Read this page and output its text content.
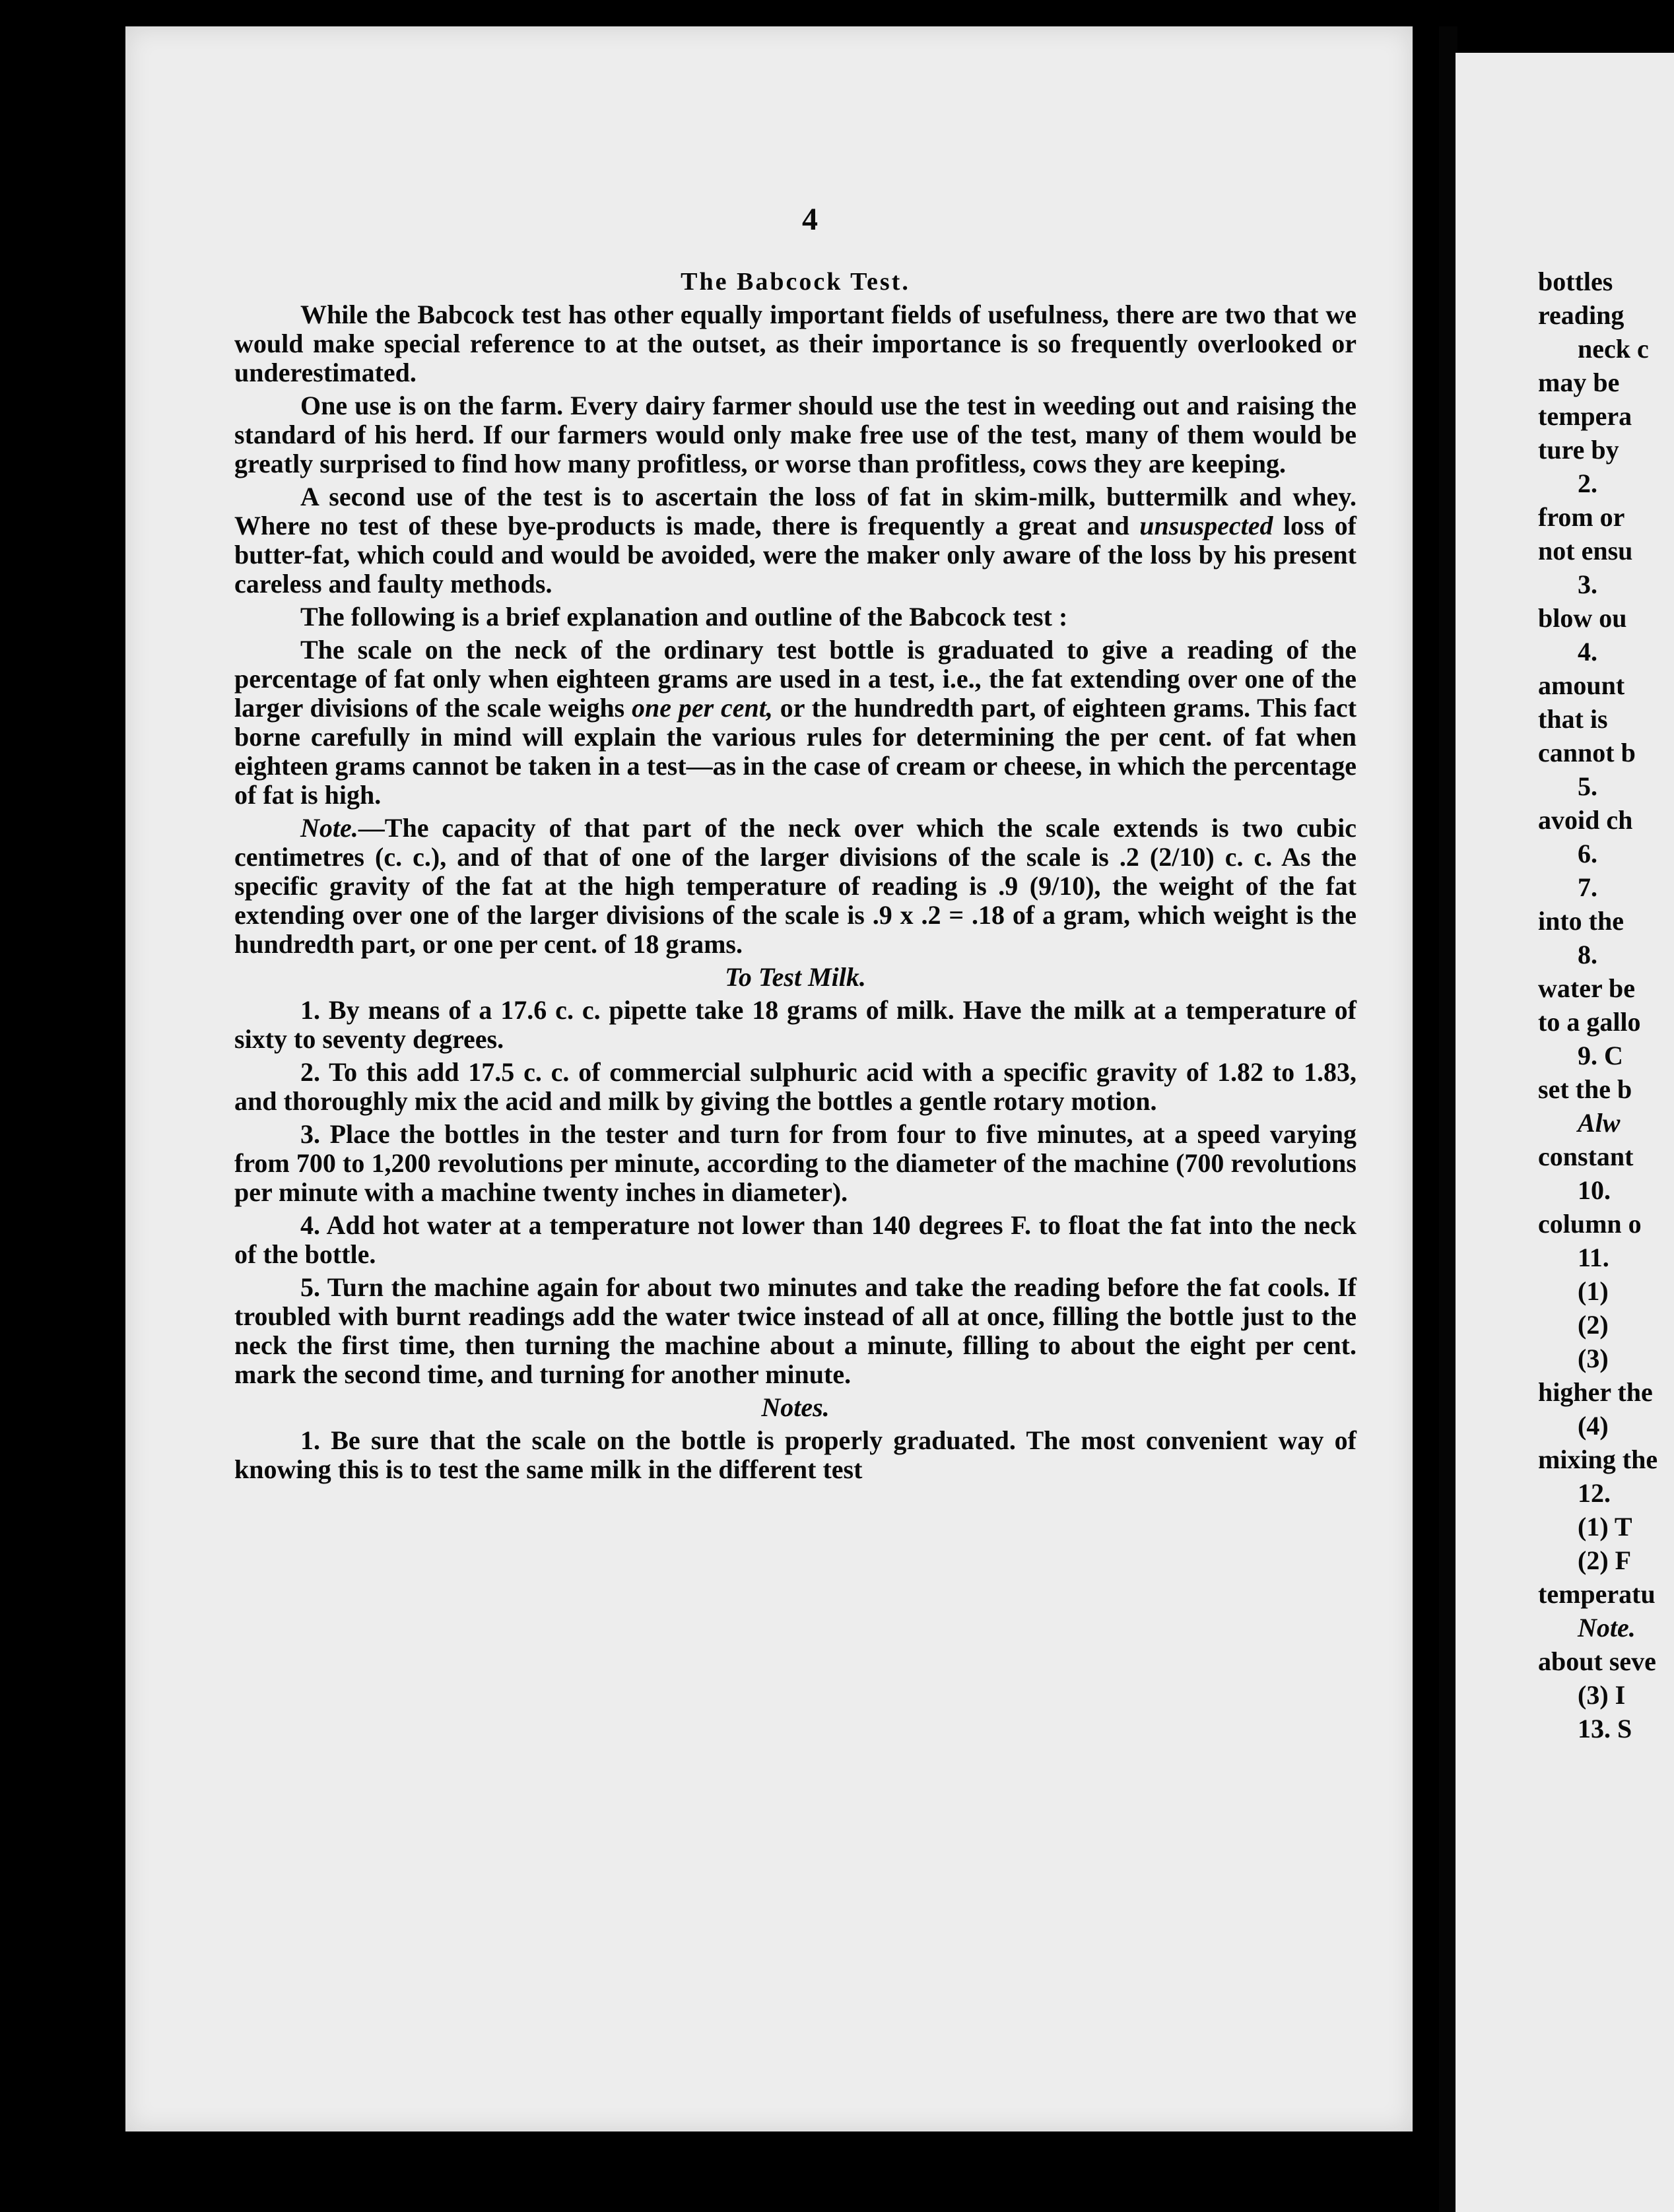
4

The Babcock Test.

While the Babcock test has other equally important fields of usefulness, there are two that we would make special reference to at the outset, as their importance is so frequently overlooked or underestimated.

One use is on the farm. Every dairy farmer should use the test in weeding out and raising the standard of his herd. If our farmers would only make free use of the test, many of them would be greatly surprised to find how many profitless, or worse than profitless, cows they are keeping.

A second use of the test is to ascertain the loss of fat in skim-milk, buttermilk and whey. Where no test of these bye-products is made, there is frequently a great and unsuspected loss of butter-fat, which could and would be avoided, were the maker only aware of the loss by his present careless and faulty methods.

The following is a brief explanation and outline of the Babcock test :

The scale on the neck of the ordinary test bottle is graduated to give a reading of the percentage of fat only when eighteen grams are used in a test, i.e., the fat extending over one of the larger divisions of the scale weighs one per cent, or the hundredth part, of eighteen grams. This fact borne carefully in mind will explain the various rules for determining the per cent. of fat when eighteen grams cannot be taken in a test—as in the case of cream or cheese, in which the percentage of fat is high.

Note.—The capacity of that part of the neck over which the scale extends is two cubic centimetres (c. c.), and of that of one of the larger divisions of the scale is .2 (2/10) c. c. As the specific gravity of the fat at the high temperature of reading is .9 (9/10), the weight of the fat extending over one of the larger divisions of the scale is .9 x .2 = .18 of a gram, which weight is the hundredth part, or one per cent. of 18 grams.

To Test Milk.

1. By means of a 17.6 c. c. pipette take 18 grams of milk. Have the milk at a temperature of sixty to seventy degrees.

2. To this add 17.5 c. c. of commercial sulphuric acid with a specific gravity of 1.82 to 1.83, and thoroughly mix the acid and milk by giving the bottles a gentle rotary motion.

3. Place the bottles in the tester and turn for from four to five minutes, at a speed varying from 700 to 1,200 revolutions per minute, according to the diameter of the machine (700 revolutions per minute with a machine twenty inches in diameter).

4. Add hot water at a temperature not lower than 140 degrees F. to float the fat into the neck of the bottle.

5. Turn the machine again for about two minutes and take the reading before the fat cools. If troubled with burnt readings add the water twice instead of all at once, filling the bottle just to the neck the first time, then turning the machine about a minute, filling to about the eight per cent. mark the second time, and turning for another minute.

Notes.

1. Be sure that the scale on the bottle is properly graduated. The most convenient way of knowing this is to test the same milk in the different test

bottles
reading
neck c
may be
tempera
ture by
2.
from or
not ensu
3.
blow ou
4.
amount
that is
cannot b
5.
avoid ch
6.
7.
into the
8.
water be
to a gallo
9. C
set the b
Alw
constant
10.
column o
11.
(1)
(2)
(3)
higher the
(4)
mixing the
12.
(1) T
(2) F
temperatu
Note.
about seve
(3) I
13. S
